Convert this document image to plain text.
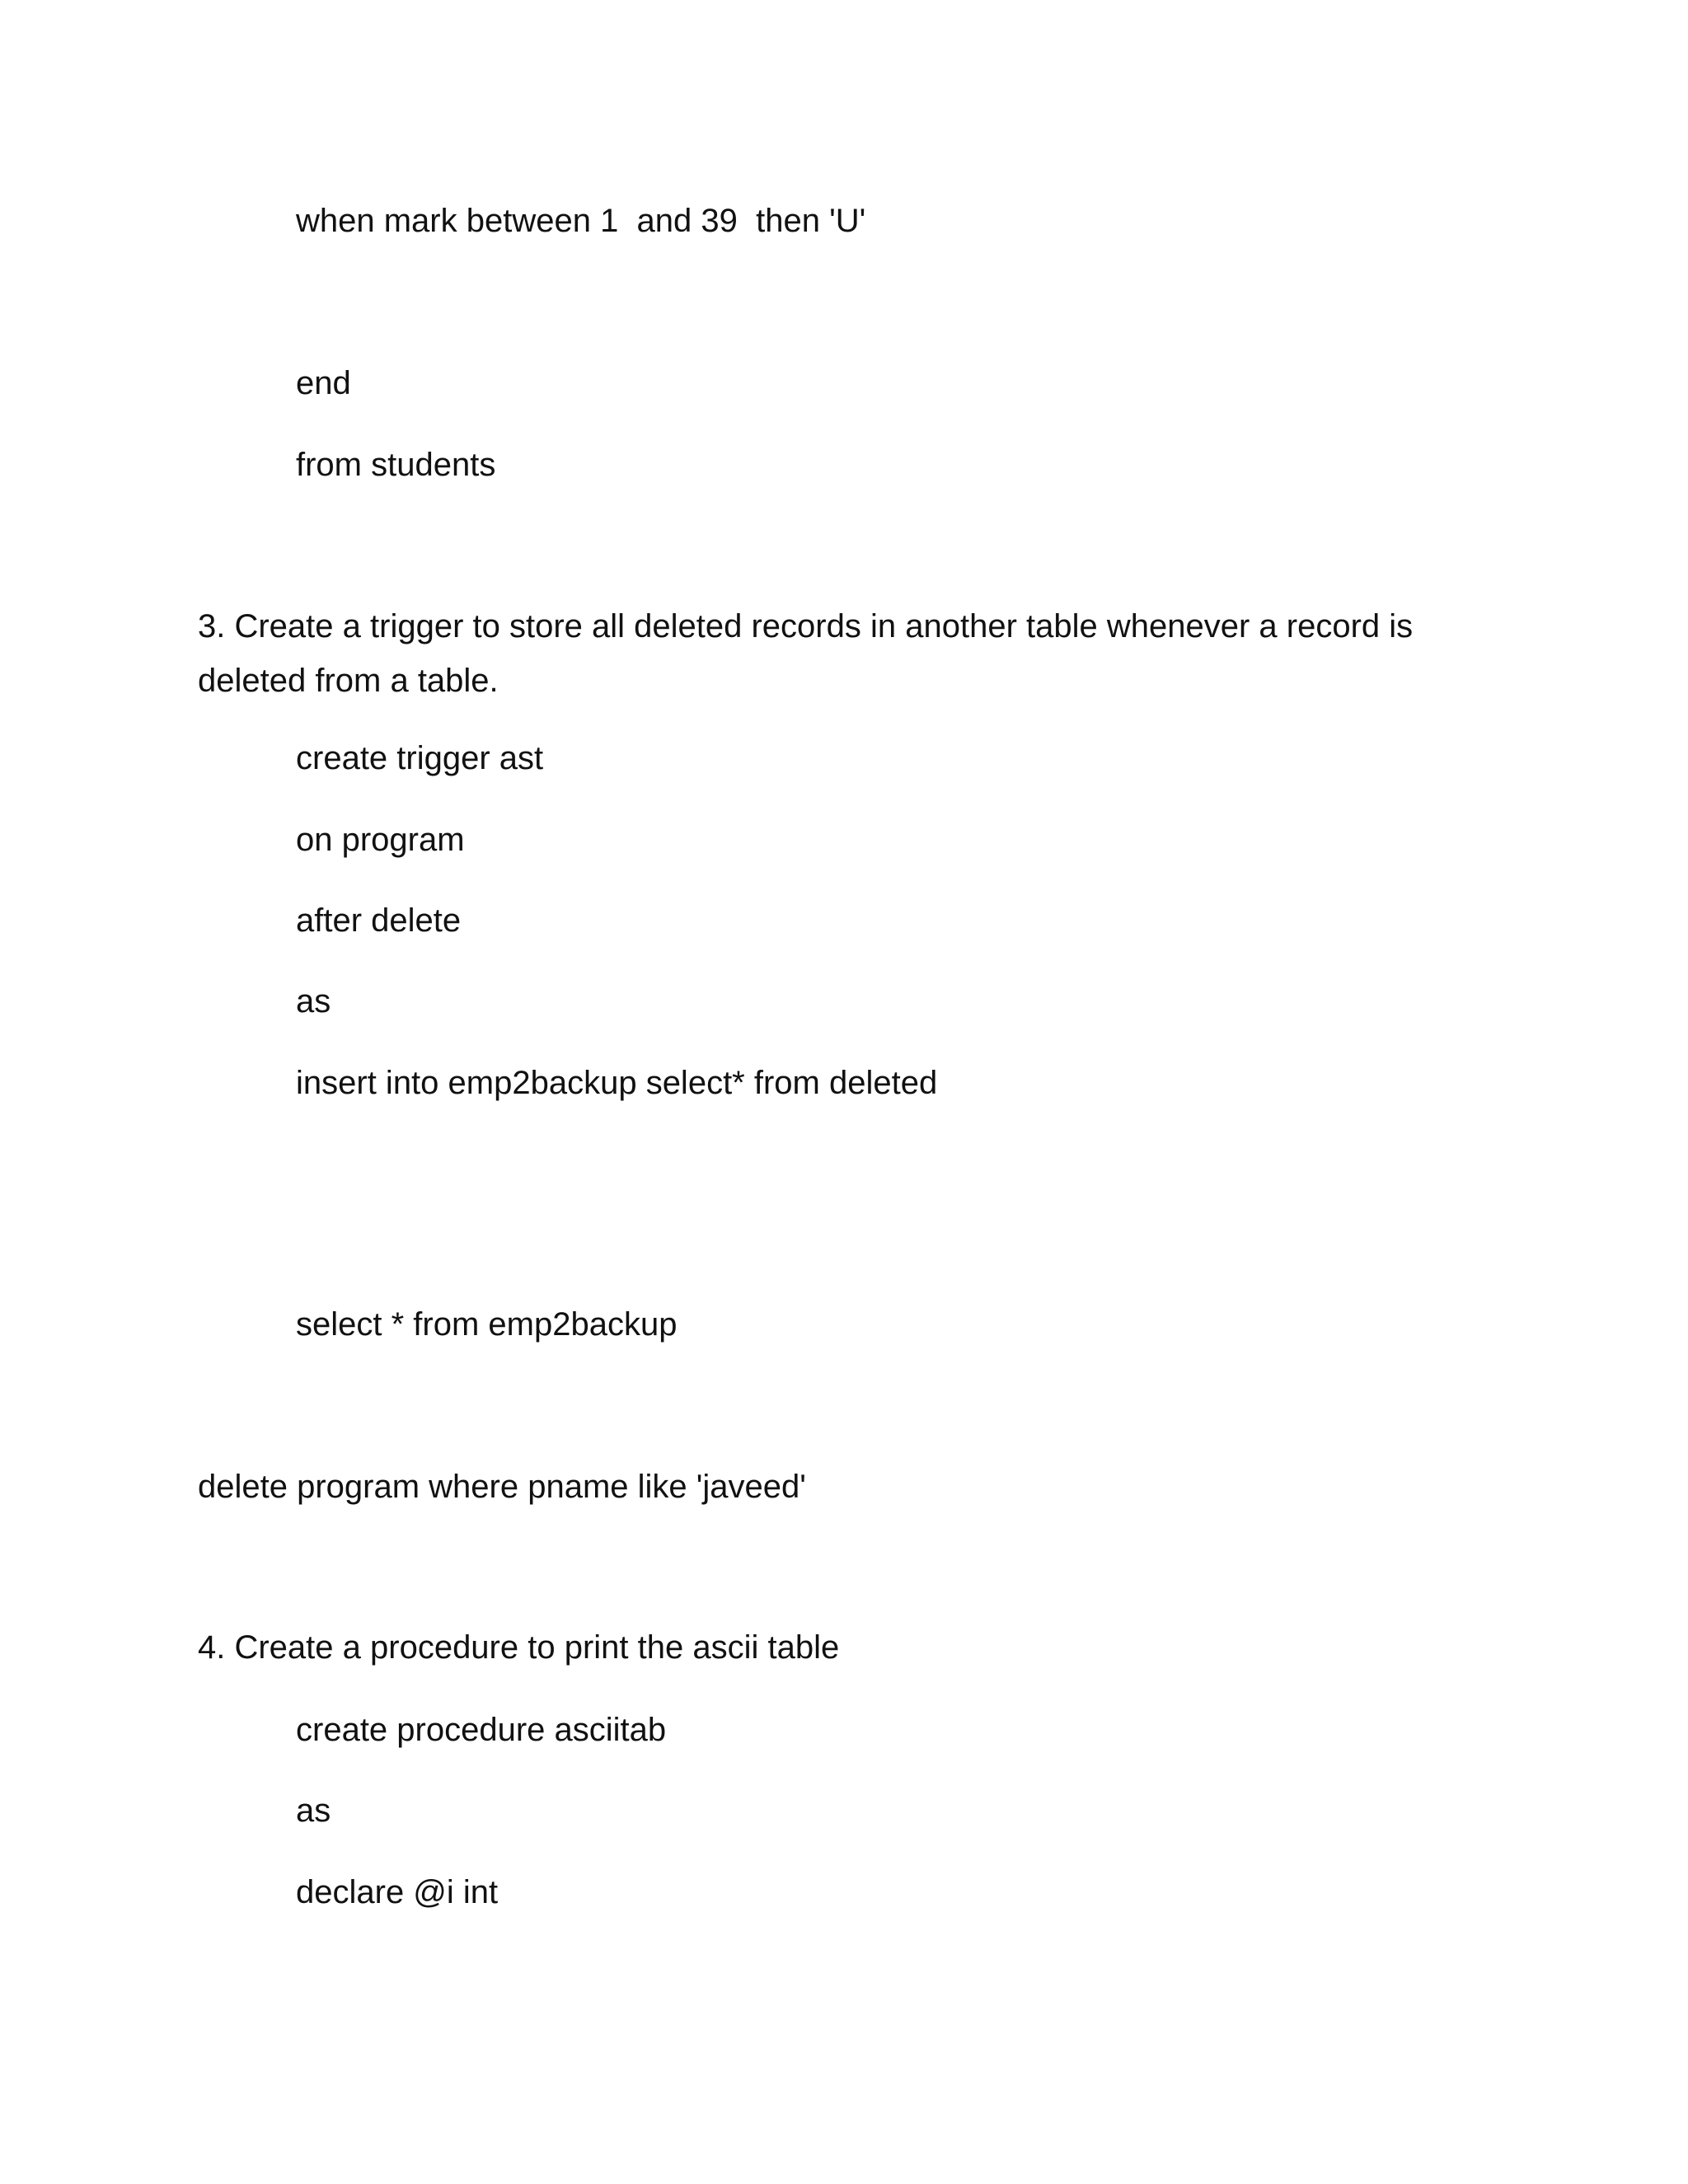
when mark between 1  and 39  then 'U'
end
from students
3. Create a trigger to store all deleted records in another table whenever a record is deleted from a table.
create trigger ast
on program
after delete
as
insert into emp2backup select* from deleted
select * from emp2backup
delete program where pname like 'javeed'
4. Create a procedure to print the ascii table
create procedure asciitab
as
declare @i int
